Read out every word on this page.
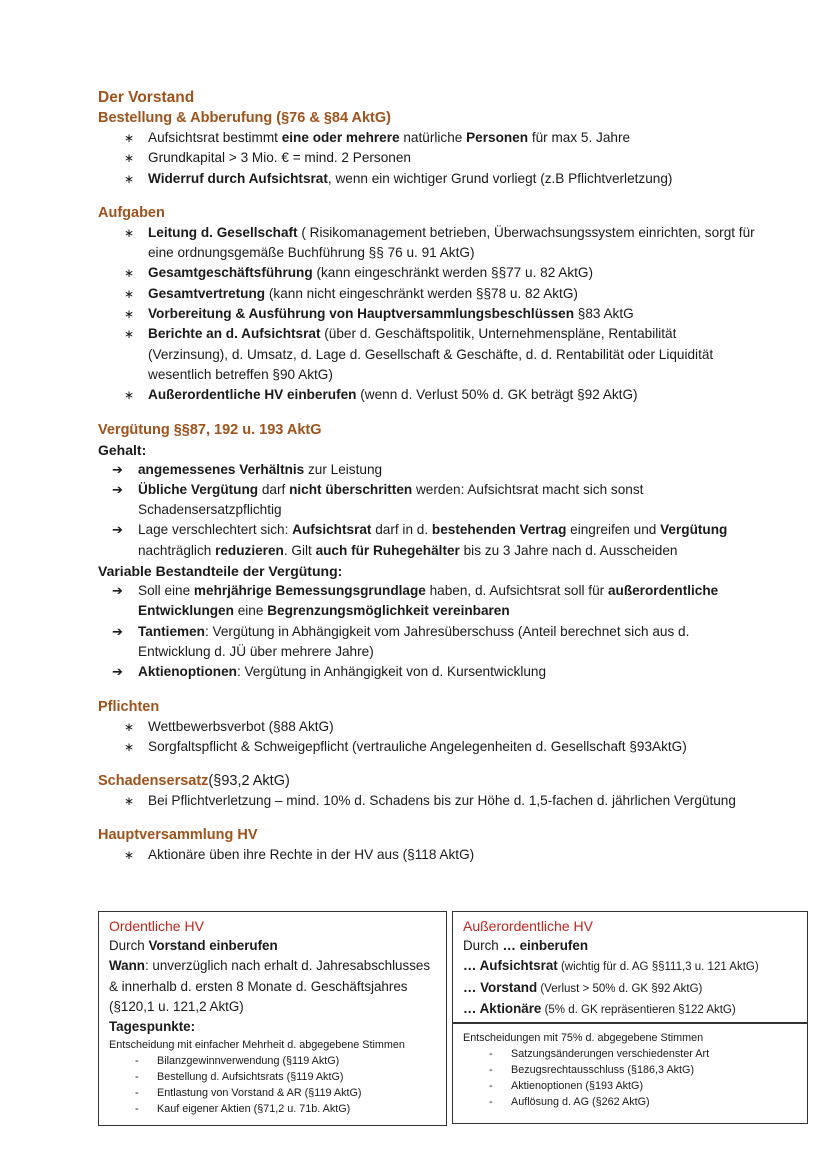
Der Vorstand
Bestellung & Abberufung (§76 & §84 AktG)
∗ Aufsichtsrat bestimmt eine oder mehrere natürliche Personen für max 5. Jahre
∗ Grundkapital > 3 Mio. € = mind. 2 Personen
∗ Widerruf durch Aufsichtsrat, wenn ein wichtiger Grund vorliegt (z.B Pflichtverletzung)
Aufgaben
∗ Leitung d. Gesellschaft ( Risikomanagement betrieben, Überwachsungssystem einrichten, sorgt für eine ordnungsgemäße Buchführung §§ 76 u. 91 AktG)
∗ Gesamtgeschäftsführung (kann eingeschränkt werden §§77 u. 82 AktG)
∗ Gesamtvertretung (kann nicht eingeschränkt werden §§78 u. 82 AktG)
∗ Vorbereitung & Ausführung von Hauptversammlungsbeschlüssen §83 AktG
∗ Berichte an d. Aufsichtsrat (über d. Geschäftspolitik, Unternehmenspläne, Rentabilität (Verzinsung), d. Umsatz, d. Lage d. Gesellschaft & Geschäfte, d. d. Rentabilität oder Liquidität wesentlich betreffen §90 AktG)
∗ Außerordentliche HV einberufen (wenn d. Verlust 50% d. GK beträgt §92 AktG)
Vergütung §§87, 192 u. 193 AktG
Gehalt:
➔ angemessenes Verhältnis zur Leistung
➔ Übliche Vergütung darf nicht überschritten werden: Aufsichtsrat macht sich sonst Schadensersatzpflichtig
➔ Lage verschlechtert sich: Aufsichtsrat darf in d. bestehenden Vertrag eingreifen und Vergütung nachträglich reduzieren. Gilt auch für Ruhegehälter bis zu 3 Jahre nach d. Ausscheiden
Variable Bestandteile der Vergütung:
➔ Soll eine mehrjährige Bemessungsgrundlage haben, d. Aufsichtsrat soll für außerordentliche Entwicklungen eine Begrenzungsmöglichkeit vereinbaren
➔ Tantiemen: Vergütung in Abhängigkeit vom Jahresüberschuss (Anteil berechnet sich aus d. Entwicklung d. JÜ über mehrere Jahre)
➔ Aktienoptionen: Vergütung in Anhängigkeit von d. Kursentwicklung
Pflichten
∗ Wettbewerbsverbot (§88 AktG)
∗ Sorgfaltspflicht & Schweigepflicht (vertrauliche Angelegenheiten d. Gesellschaft §93AktG)
Schadensersatz(§93,2 AktG)
∗ Bei Pflichtverletzung – mind. 10% d. Schadens bis zur Höhe d. 1,5-fachen d. jährlichen Vergütung
Hauptversammlung HV
∗ Aktionäre üben ihre Rechte in der HV aus (§118 AktG)
Ordentliche HV
Durch Vorstand einberufen
Wann: unverzüglich nach erhalt d. Jahresabschlusses & innerhalb d. ersten 8 Monate d. Geschäftsjahres (§120,1 u. 121,2 AktG)
Tagespunkte:
Entscheidung mit einfacher Mehrheit d. abgegebene Stimmen
- Bilanzgewinnverwendung (§119 AktG)
- Bestellung d. Aufsichtsrats (§119 AktG)
- Entlastung von Vorstand & AR (§119 AktG)
- Kauf eigener Aktien (§71,2 u. 71b. AktG)
Außerordentliche HV
Durch … einberufen
… Aufsichtsrat (wichtig für d. AG §§111,3 u. 121 AktG)
… Vorstand (Verlust > 50% d. GK §92 AktG)
… Aktionäre (5% d. GK repräsentieren §122 AktG)
Entscheidungen mit 75% d. abgegebene Stimmen
- Satzungsänderungen verschiedenster Art
- Bezugsrechtausschluss (§186,3 AktG)
- Aktienoptionen (§193 AktG)
- Auflösung d. AG (§262 AktG)
